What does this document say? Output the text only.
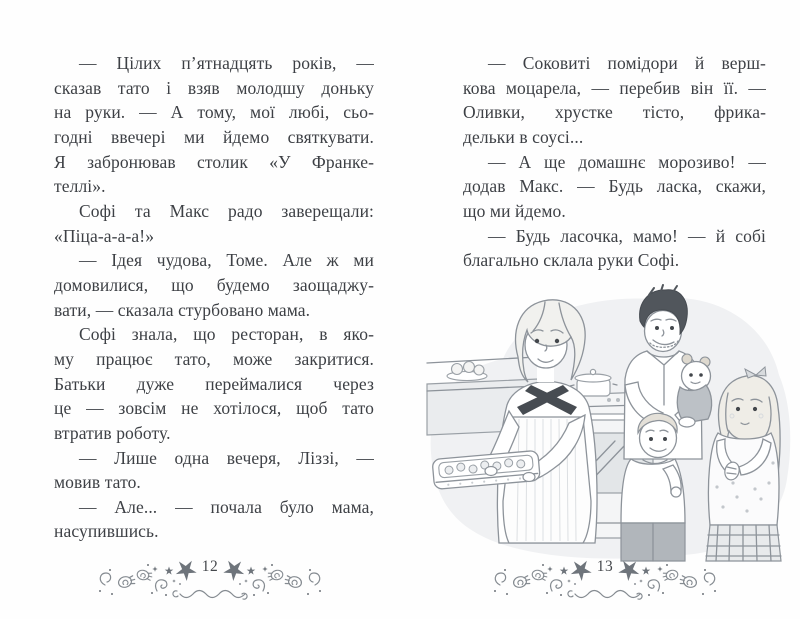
— Цілих п’ятнадцять років, —
сказав тато і взяв молодшу доньку
на руки. — А тому, мої любі, сьо-
годні ввечері ми йдемо святкувати.
Я забронював столик «У Франке-
теллі».
Софі та Макс радо заверещали:
«Піца-а-а-а!»
— Ідея чудова, Томе. Але ж ми
домовилися, що будемо заощаджу-
вати, — сказала стурбовано мама.
Софі знала, що ресторан, в яко-
му працює тато, може закритися.
Батьки дуже переймалися через
це — зовсім не хотілося, щоб тато
втратив роботу.
— Лише одна вечеря, Ліззі, —
мовив тато.
— Але... — почала було мама,
насупившись.
— Соковиті помідори й верш-
кова моцарела, — перебив він її. —
Оливки, хрустке тісто, фрика-
дельки в соусі...
— А ще домашнє морозиво! —
додав Макс. — Будь ласка, скажи,
що ми йдемо.
— Будь ласочка, мамо! — й собі
благально склала руки Софі.
12	13
